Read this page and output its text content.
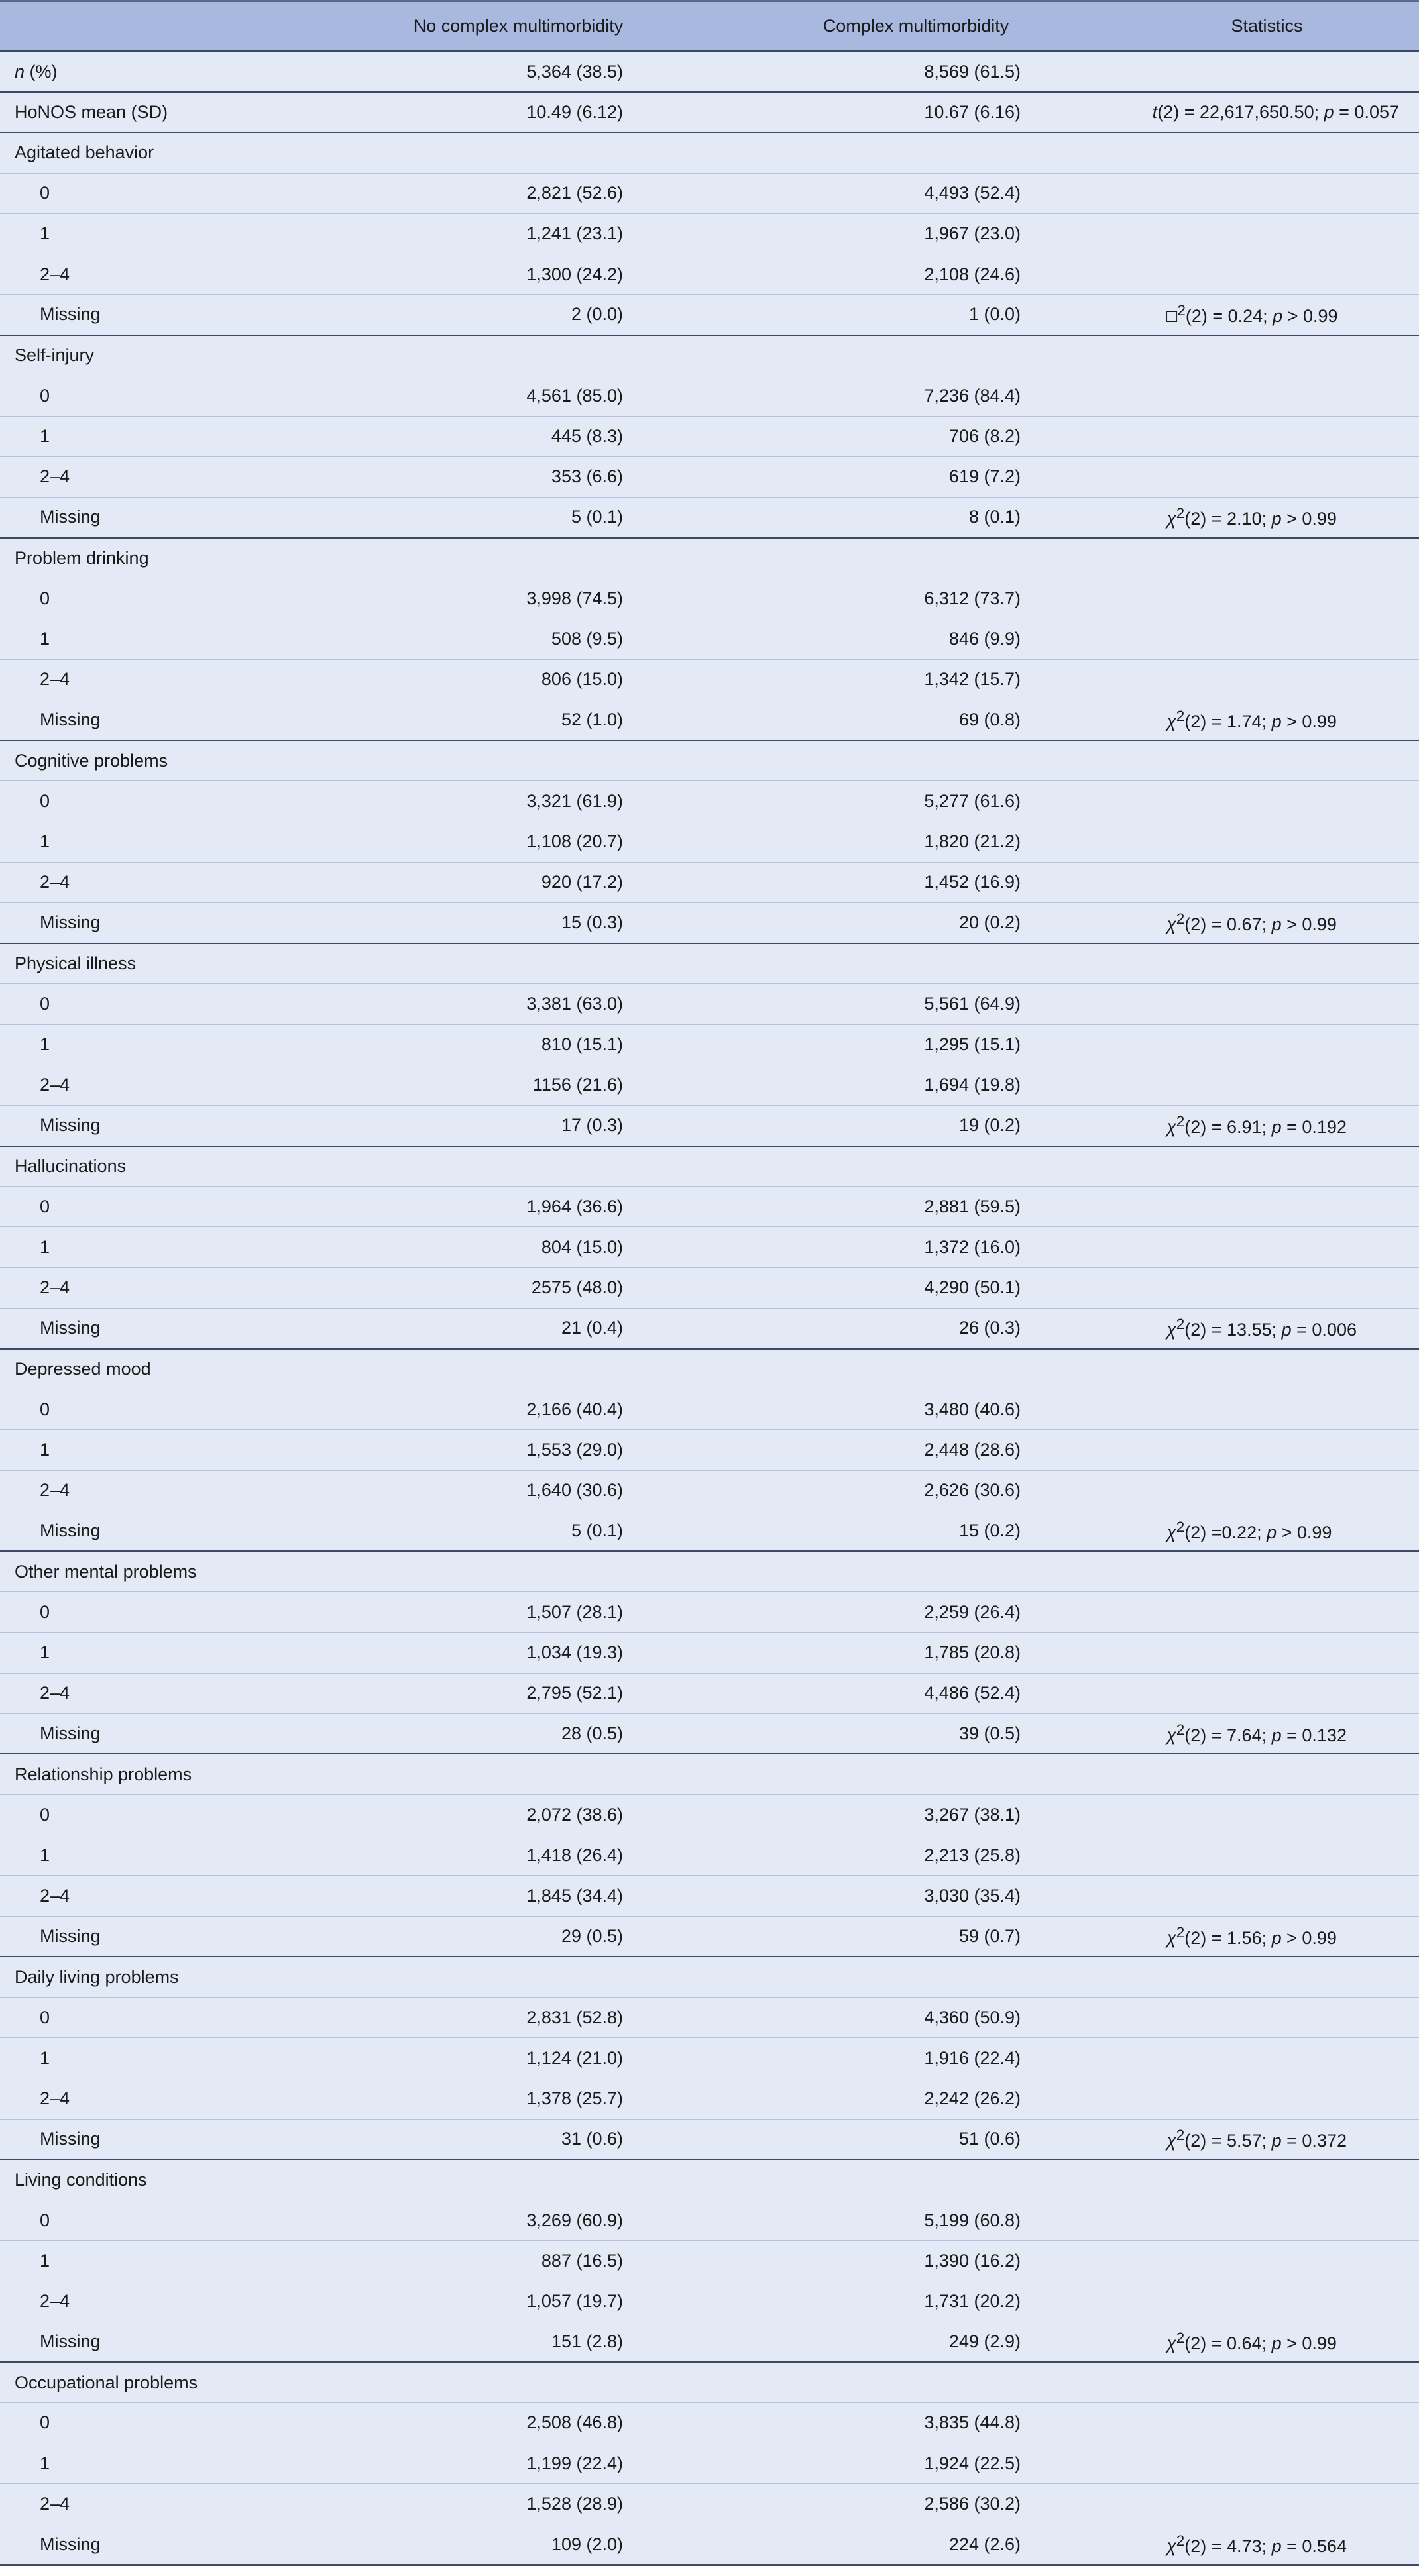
	No complex multimorbidity	Complex multimorbidity	Statistics
n (%)	5,364 (38.5)	8,569 (61.5)	
HoNOS mean (SD)	10.49 (6.12)	10.67 (6.16)	t(2) = 22,617,650.50; p = 0.057
Agitated behavior			
0	2,821 (52.6)	4,493 (52.4)	
1	1,241 (23.1)	1,967 (23.0)	
2–4	1,300 (24.2)	2,108 (24.6)	
Missing	2 (0.0)	1 (0.0)	□$^2$(2) = 0.24; p > 0.99
Self-injury			
0	4,561 (85.0)	7,236 (84.4)	
1	445 (8.3)	706 (8.2)	
2–4	353 (6.6)	619 (7.2)	
Missing	5 (0.1)	8 (0.1)	$\chi^2(2) = 2.10$; p > 0.99
Problem drinking			
0	3,998 (74.5)	6,312 (73.7)	
1	508 (9.5)	846 (9.9)	
2–4	806 (15.0)	1,342 (15.7)	
Missing	52 (1.0)	69 (0.8)	$\chi^2(2) = 1.74$; p > 0.99
Cognitive problems			
0	3,321 (61.9)	5,277 (61.6)	
1	1,108 (20.7)	1,820 (21.2)	
2–4	920 (17.2)	1,452 (16.9)	
Missing	15 (0.3)	20 (0.2)	$\chi^2(2) = 0.67$; p > 0.99
Physical illness			
0	3,381 (63.0)	5,561 (64.9)	
1	810 (15.1)	1,295 (15.1)	
2–4	1156 (21.6)	1,694 (19.8)	
Missing	17 (0.3)	19 (0.2)	$\chi^2(2) = 6.91$; p = 0.192
Hallucinations			
0	1,964 (36.6)	2,881 (59.5)	
1	804 (15.0)	1,372 (16.0)	
2–4	2575 (48.0)	4,290 (50.1)	
Missing	21 (0.4)	26 (0.3)	$\chi^2(2) = 13.55$; p = 0.006
Depressed mood			
0	2,166 (40.4)	3,480 (40.6)	
1	1,553 (29.0)	2,448 (28.6)	
2–4	1,640 (30.6)	2,626 (30.6)	
Missing	5 (0.1)	15 (0.2)	$\chi^2(2) =0.22$; p > 0.99
Other mental problems			
0	1,507 (28.1)	2,259 (26.4)	
1	1,034 (19.3)	1,785 (20.8)	
2–4	2,795 (52.1)	4,486 (52.4)	
Missing	28 (0.5)	39 (0.5)	$\chi^2(2) = 7.64$; p = 0.132
Relationship problems			
0	2,072 (38.6)	3,267 (38.1)	
1	1,418 (26.4)	2,213 (25.8)	
2–4	1,845 (34.4)	3,030 (35.4)	
Missing	29 (0.5)	59 (0.7)	$\chi^2(2) = 1.56$; p > 0.99
Daily living problems			
0	2,831 (52.8)	4,360 (50.9)	
1	1,124 (21.0)	1,916 (22.4)	
2–4	1,378 (25.7)	2,242 (26.2)	
Missing	31 (0.6)	51 (0.6)	$\chi^2(2) = 5.57$; p = 0.372
Living conditions			
0	3,269 (60.9)	5,199 (60.8)	
1	887 (16.5)	1,390 (16.2)	
2–4	1,057 (19.7)	1,731 (20.2)	
Missing	151 (2.8)	249 (2.9)	$\chi^2(2) = 0.64$; p > 0.99
Occupational problems			
0	2,508 (46.8)	3,835 (44.8)	
1	1,199 (22.4)	1,924 (22.5)	
2–4	1,528 (28.9)	2,586 (30.2)	
Missing	109 (2.0)	224 (2.6)	$\chi^2(2) = 4.73$; p = 0.564
